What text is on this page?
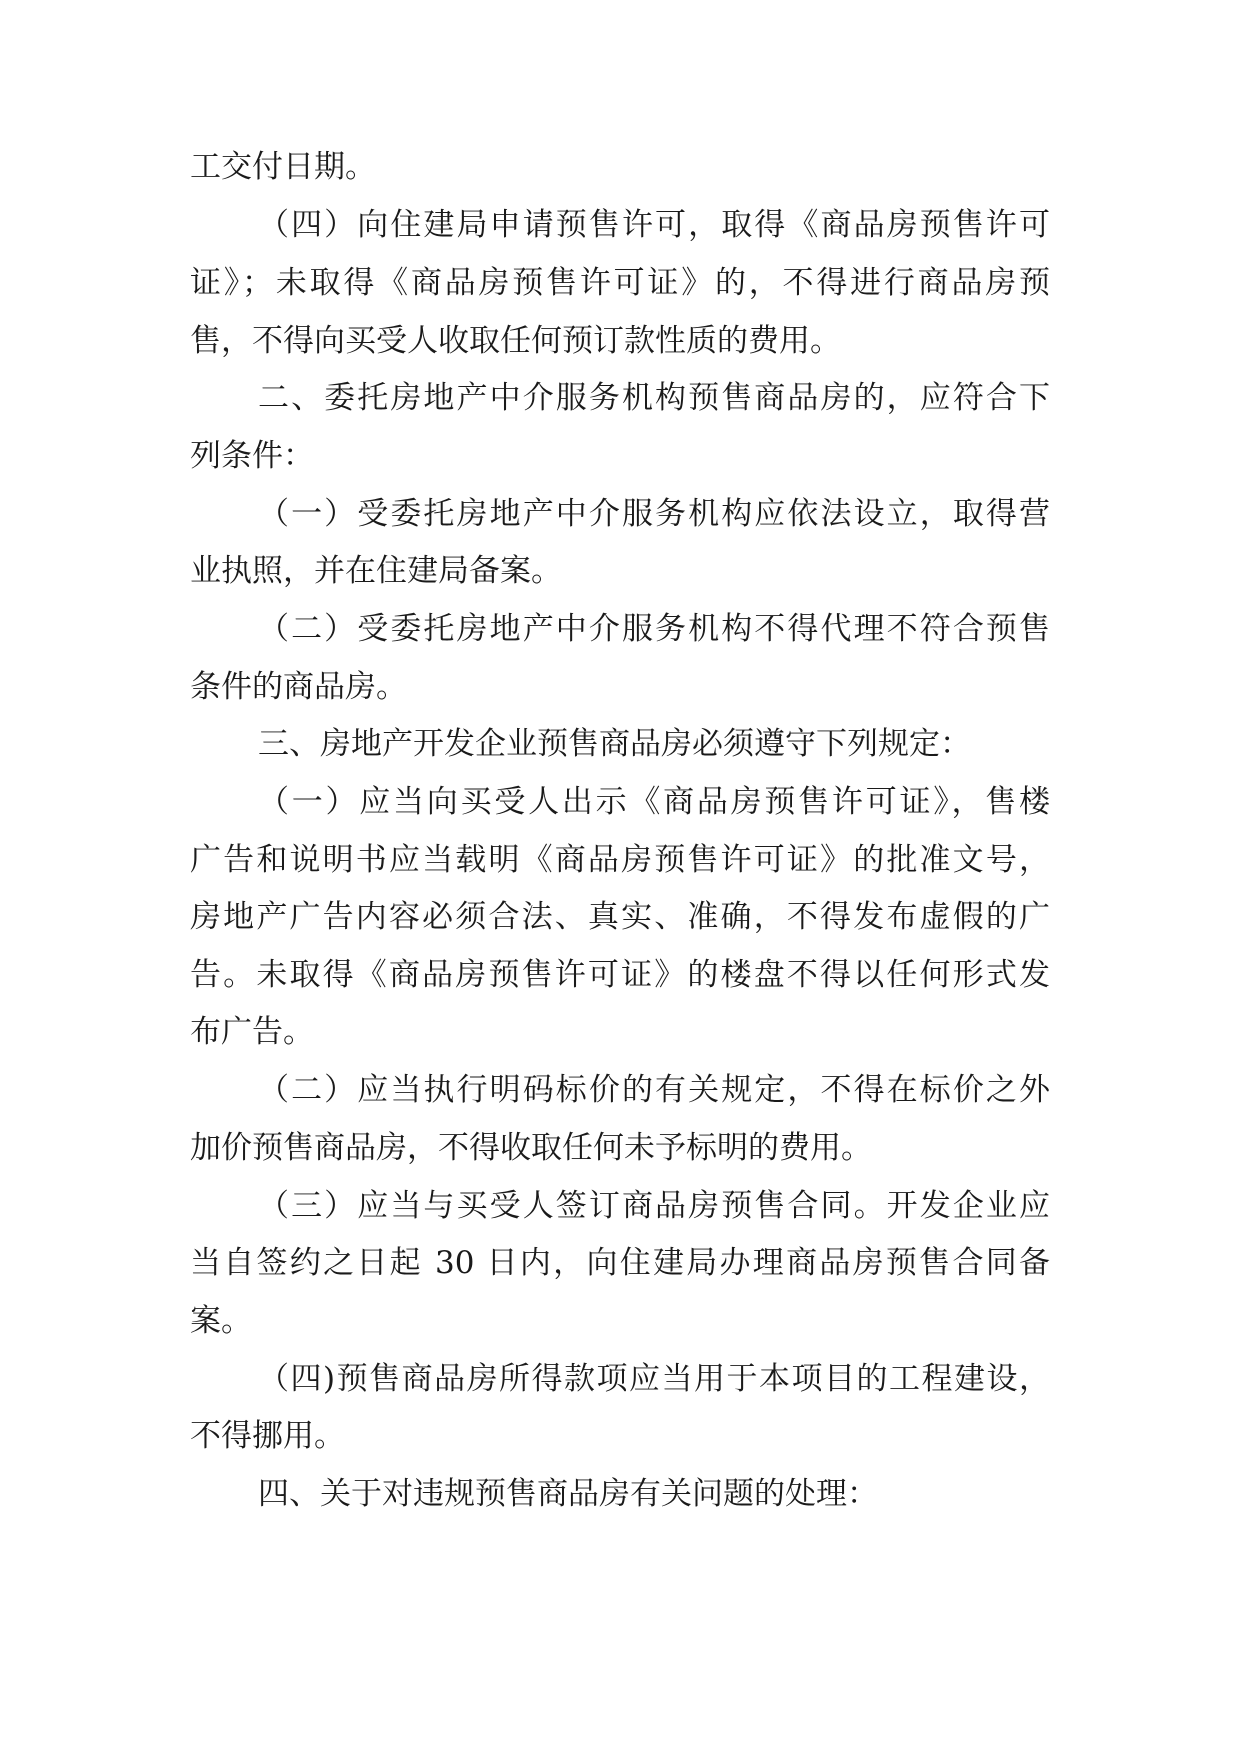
工交付日期。
（四）向住建局申请预售许可，取得《商品房预售许可
证》；未取得《商品房预售许可证》的，不得进行商品房预
售，不得向买受人收取任何预订款性质的费用。
二、委托房地产中介服务机构预售商品房的，应符合下
列条件：
（一）受委托房地产中介服务机构应依法设立，取得营
业执照，并在住建局备案。
（二）受委托房地产中介服务机构不得代理不符合预售
条件的商品房。
三、房地产开发企业预售商品房必须遵守下列规定：
（一）应当向买受人出示《商品房预售许可证》，售楼
广告和说明书应当载明《商品房预售许可证》的批准文号，
房地产广告内容必须合法、真实、准确，不得发布虚假的广
告。未取得《商品房预售许可证》的楼盘不得以任何形式发
布广告。
（二）应当执行明码标价的有关规定，不得在标价之外
加价预售商品房，不得收取任何未予标明的费用。
（三）应当与买受人签订商品房预售合同。开发企业应
当自签约之日起 30 日内，向住建局办理商品房预售合同备
案。
（四)预售商品房所得款项应当用于本项目的工程建设，
不得挪用。
四、关于对违规预售商品房有关问题的处理：
